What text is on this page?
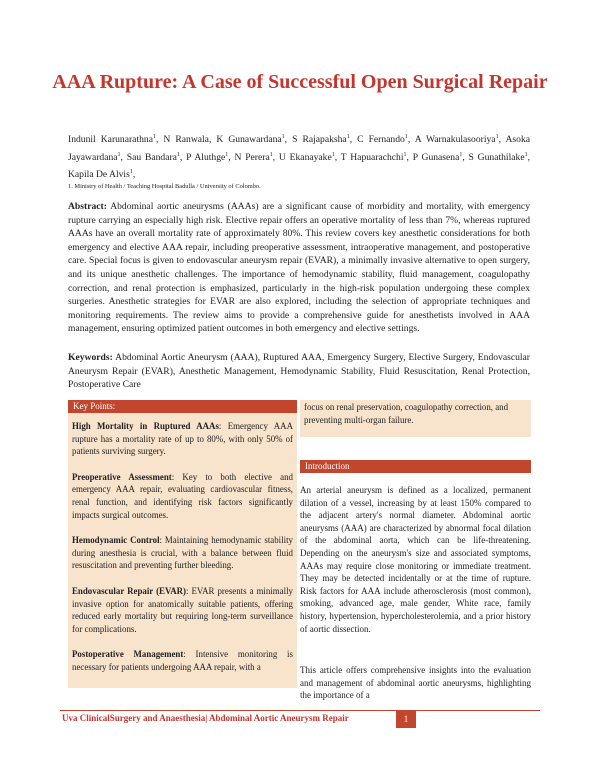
AAA Rupture: A Case of Successful Open Surgical Repair
Indunil Karunarathna$^1$, N Ranwala, K Gunawardana$^1$, S Rajapaksha$^1$, C Fernando$^1$, A Warnakulasooriya$^1$, Asoka Jayawardana$^1$, Sau Bandara$^1$, P Aluthge$^1$, N Perera$^1$, U Ekanayake$^1$, T Hapuarachchi$^1$, P Gunasena$^1$, S Gunathilake$^1$, Kapila De Alvis$^1$,
1. Ministry of Health / Teaching Hospital Badulla / University of Colombo.
Abstract: Abdominal aortic aneurysms (AAAs) are a significant cause of morbidity and mortality, with emergency rupture carrying an especially high risk. Elective repair offers an operative mortality of less than 7%, whereas ruptured AAAs have an overall mortality rate of approximately 80%. This review covers key anesthetic considerations for both emergency and elective AAA repair, including preoperative assessment, intraoperative management, and postoperative care. Special focus is given to endovascular aneurysm repair (EVAR), a minimally invasive alternative to open surgery, and its unique anesthetic challenges. The importance of hemodynamic stability, fluid management, coagulopathy correction, and renal protection is emphasized, particularly in the high-risk population undergoing these complex surgeries. Anesthetic strategies for EVAR are also explored, including the selection of appropriate techniques and monitoring requirements. The review aims to provide a comprehensive guide for anesthetists involved in AAA management, ensuring optimized patient outcomes in both emergency and elective settings.
Keywords: Abdominal Aortic Aneurysm (AAA), Ruptured AAA, Emergency Surgery, Elective Surgery, Endovascular Aneurysm Repair (EVAR), Anesthetic Management, Hemodynamic Stability, Fluid Resuscitation, Renal Protection, Postoperative Care
Key Points:
High Mortality in Ruptured AAAs: Emergency AAA rupture has a mortality rate of up to 80%, with only 50% of patients surviving surgery.
Preoperative Assessment: Key to both elective and emergency AAA repair, evaluating cardiovascular fitness, renal function, and identifying risk factors significantly impacts surgical outcomes.
Hemodynamic Control: Maintaining hemodynamic stability during anesthesia is crucial, with a balance between fluid resuscitation and preventing further bleeding.
Endovascular Repair (EVAR): EVAR presents a minimally invasive option for anatomically suitable patients, offering reduced early mortality but requiring long-term surveillance for complications.
Postoperative Management: Intensive monitoring is necessary for patients undergoing AAA repair, with a

focus on renal preservation, coagulopathy correction, and preventing multi-organ failure.

Introduction

An arterial aneurysm is defined as a localized, permanent dilation of a vessel, increasing by at least 150% compared to the adjacent artery's normal diameter. Abdominal aortic aneurysms (AAA) are characterized by abnormal focal dilation of the abdominal aorta, which can be life-threatening. Depending on the aneurysm's size and associated symptoms, AAAs may require close monitoring or immediate treatment. They may be detected incidentally or at the time of rupture. Risk factors for AAA include atherosclerosis (most common), smoking, advanced age, male gender, White race, family history, hypertension, hypercholesterolemia, and a prior history of aortic dissection.

This article offers comprehensive insights into the evaluation and management of abdominal aortic aneurysms, highlighting the importance of a

Uva ClinicalSurgery and Anaesthesia| Abdominal Aortic Aneurysm Repair	1
